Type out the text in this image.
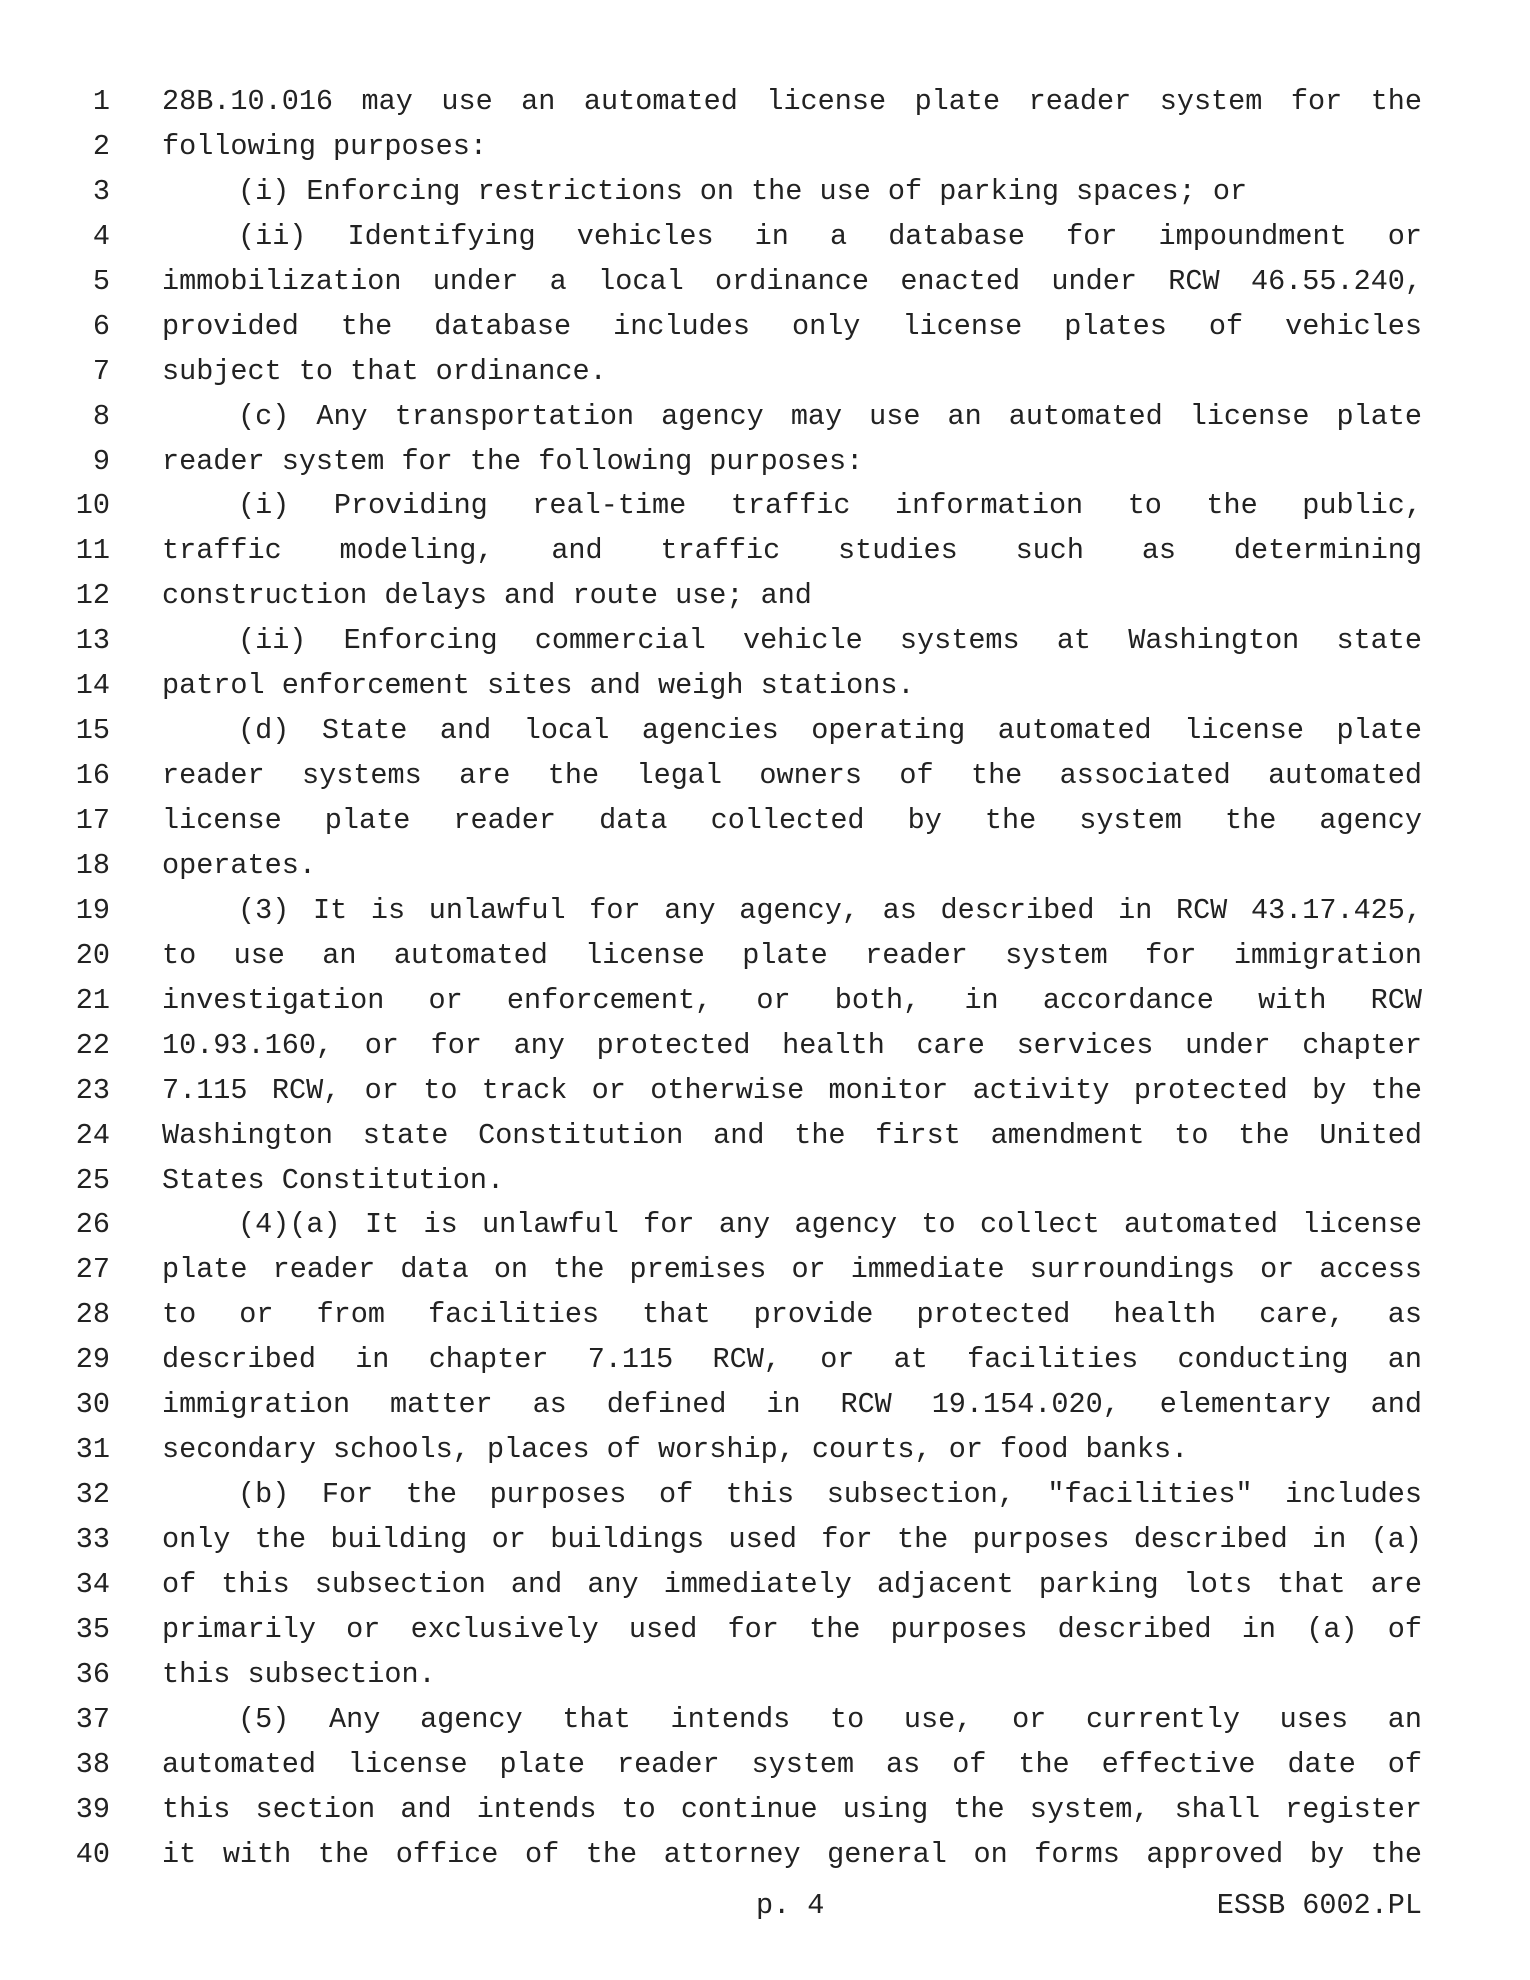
1 28B.10.016 may use an automated license plate reader system for the
2 following purposes:
3	(i) Enforcing restrictions on the use of parking spaces; or
4	(ii) Identifying vehicles in a database for impoundment or
5 immobilization under a local ordinance enacted under RCW 46.55.240,
6 provided the database includes only license plates of vehicles
7 subject to that ordinance.
8	(c) Any transportation agency may use an automated license plate
9 reader system for the following purposes:
10	(i) Providing real-time traffic information to the public,
11 traffic modeling, and traffic studies such as determining
12 construction delays and route use; and
13	(ii) Enforcing commercial vehicle systems at Washington state
14 patrol enforcement sites and weigh stations.
15	(d) State and local agencies operating automated license plate
16 reader systems are the legal owners of the associated automated
17 license plate reader data collected by the system the agency
18 operates.
19	(3) It is unlawful for any agency, as described in RCW 43.17.425,
20 to use an automated license plate reader system for immigration
21 investigation or enforcement, or both, in accordance with RCW
22 10.93.160, or for any protected health care services under chapter
23 7.115 RCW, or to track or otherwise monitor activity protected by the
24 Washington state Constitution and the first amendment to the United
25 States Constitution.
26	(4)(a) It is unlawful for any agency to collect automated license
27 plate reader data on the premises or immediate surroundings or access
28 to or from facilities that provide protected health care, as
29 described in chapter 7.115 RCW, or at facilities conducting an
30 immigration matter as defined in RCW 19.154.020, elementary and
31 secondary schools, places of worship, courts, or food banks.
32	(b) For the purposes of this subsection, "facilities" includes
33 only the building or buildings used for the purposes described in (a)
34 of this subsection and any immediately adjacent parking lots that are
35 primarily or exclusively used for the purposes described in (a) of
36 this subsection.
37	(5) Any agency that intends to use, or currently uses an
38 automated license plate reader system as of the effective date of
39 this section and intends to continue using the system, shall register
40 it with the office of the attorney general on forms approved by the
p. 4	ESSB 6002.PL
